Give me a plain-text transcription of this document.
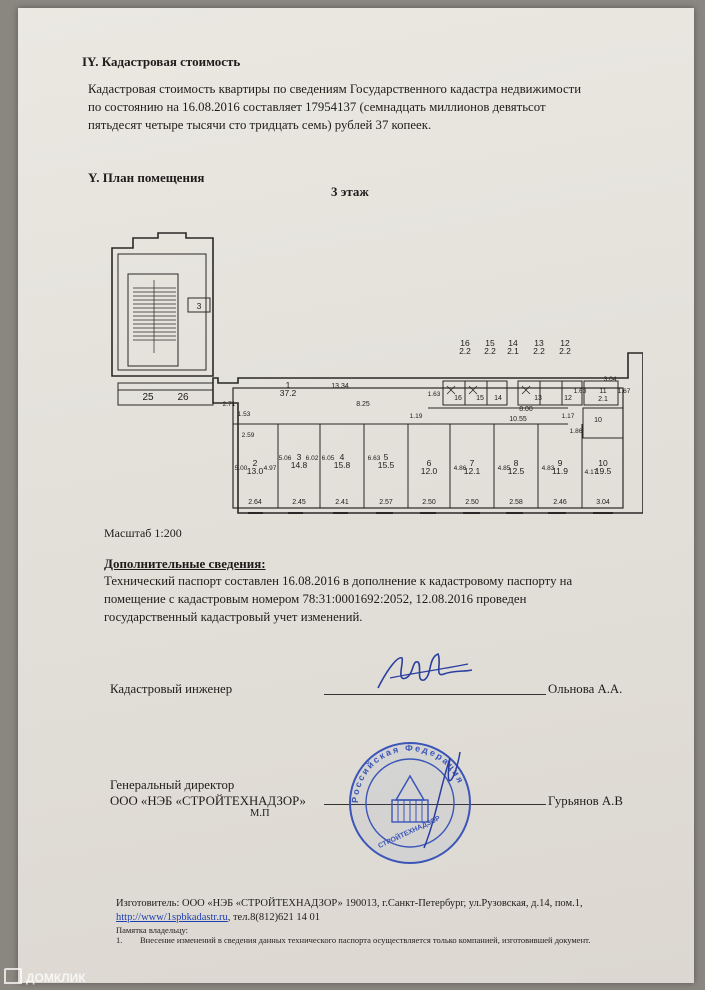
IY. Кадастровая стоимость
Кадастровая стоимость квартиры по сведениям Государственного кадастра недвижимости
по состоянию на 16.08.2016 составляет 17954137 (семнадцать миллионов девятьсот
пятьдесят четыре тысячи сто тридцать семь) рублей 37 копеек.
Y. План помещения
3 этаж
3
25 26
16
2.2
15
2.2
14
2.1
13
2.2
12
2.2
1
37.2
13.34
8.25
8.00
10.55
2
13.0
2.64
3
14.8
2.45
4
15.8
2.41
5
15.5
2.57
6
12.0
2.50
7
12.1
2.50
8
12.5
2.58
9
11.9
2.46
10
19.5
3.04
5.00	4.97
5.06 6.02 6.05	6.63
4.86	4.85	4.83
4.17
2.71
1.53
2.59
1.63
1.19	1.17
1.86
3.04
1.63	1.67
16 15 14	13	12
11
2.1
10
Масштаб 1:200
Дополнительные сведения:
Технический паспорт составлен 16.08.2016 в дополнение к кадастровому паспорту на
помещение с кадастровым номером 78:31:0001692:2052, 12.08.2016 проведен
государственный кадастровый учет изменений.
Кадастровый инженер	Ольнова А.А.
Генеральный директор
ООО «НЭБ «СТРОЙТЕХНАДЗОР»
М.П
Гурьянов А.В
Российская Федерация
СТРОЙТЕХНАДЗОР
Изготовитель: ООО «НЭБ «СТРОЙТЕХНАДЗОР» 190013, г.Санкт-Петербург, ул.Рузовская, д.14, пом.1,
http://www/1spbkadastr.ru, тел.8(812)621 14 01
Памятка владельцу:
1. Внесение изменений в сведения данных технического паспорта осуществляется только компанией, изготовившей документ.
ДОМКЛИК
